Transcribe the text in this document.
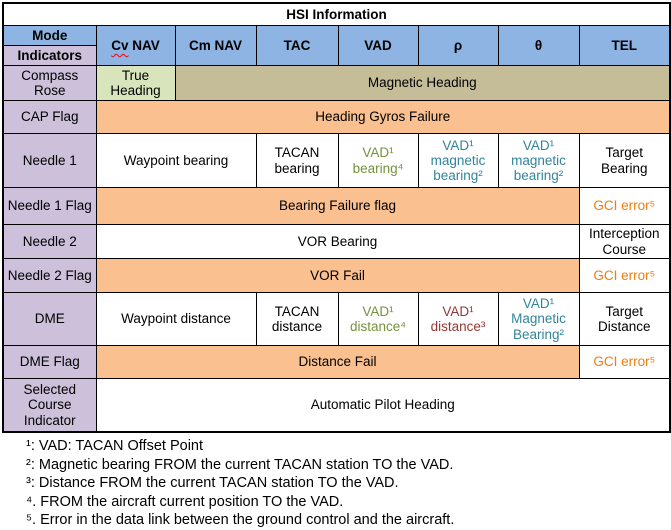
HSI Information							
Mode	Cv NAV	Cm NAV	TAC	VAD	ρ	θ	TEL
Indicators							
Compass Rose	True Heading	Magnetic Heading					
CAP Flag	Heading Gyros Failure						
Needle 1	Waypoint bearing		TACAN bearing	VAD¹ bearing⁴	VAD¹ magnetic bearing²	VAD¹ magnetic bearing²	Target Bearing
Needle 1 Flag	Bearing Failure flag						GCI error⁵
Needle 2	VOR Bearing						Interception Course
Needle 2 Flag	VOR Fail						GCI error⁵
DME	Waypoint distance		TACAN distance	VAD¹ distance⁴	VAD¹ distance³	VAD¹ Magnetic Bearing²	Target Distance
DME Flag	Distance Fail						GCI error⁵
Selected Course Indicator	Automatic Pilot Heading						
¹: VAD: TACAN Offset Point
²: Magnetic bearing FROM the current TACAN station TO the VAD.
³: Distance FROM the current TACAN station TO the VAD.
⁴. FROM the aircraft current position TO the VAD.
⁵. Error in the data link between the ground control and the aircraft.
